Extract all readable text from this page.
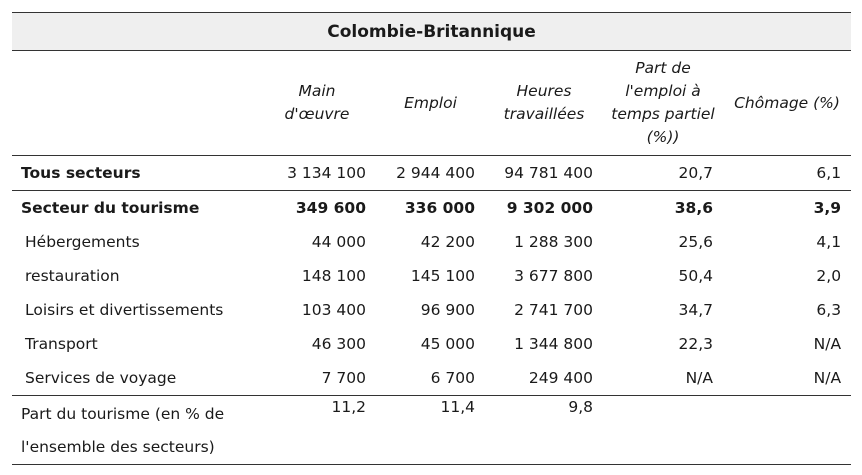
Colombie-Britannique					
	Main d'œuvre	Emploi	Heures travaillées	Part de l'emploi à temps partiel (%))	Chômage (%)
Tous secteurs	3 134 100	2 944 400	94 781 400	20,7	6,1
Secteur du tourisme	349 600	336 000	9 302 000	38,6	3,9
Hébergements	44 000	42 200	1 288 300	25,6	4,1
restauration	148 100	145 100	3 677 800	50,4	2,0
Loisirs et divertissements	103 400	96 900	2 741 700	34,7	6,3
Transport	46 300	45 000	1 344 800	22,3	N/A
Services de voyage	7 700	6 700	249 400	N/A	N/A
Part du tourisme (en % de l'ensemble des secteurs)	11,2	11,4	9,8		
